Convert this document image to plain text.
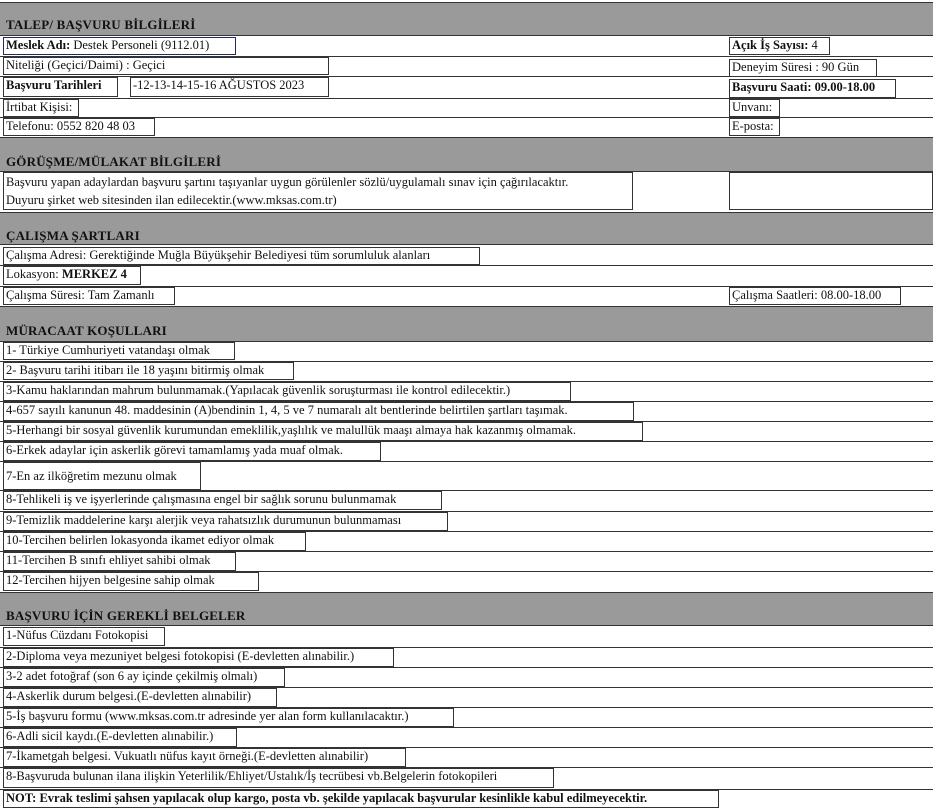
TALEP/ BAŞVURU BİLGİLERİ
Meslek Adı: Destek Personeli (9112.01)	Açık İş Sayısı: 4
Niteliği (Geçici/Daimi) : Geçici	Deneyim Süresi : 90 Gün
Başvuru Tarihleri	-12-13-14-15-16 AĞUSTOS 2023	Başvuru Saati: 09.00-18.00
İrtibat Kişisi:	Unvanı:
Telefonu: 0552 820 48 03	E-posta:
GÖRÜŞME/MÜLAKAT BİLGİLERİ
Başvuru yapan adaylardan başvuru şartını taşıyanlar uygun görülenler sözlü/uygulamalı sınav için çağırılacaktır.
Duyuru şirket web sitesinden ilan edilecektir.(www.mksas.com.tr)
ÇALIŞMA ŞARTLARI
Çalışma Adresi: Gerektiğinde Muğla Büyükşehir Belediyesi tüm sorumluluk alanları
Lokasyon: MERKEZ 4
Çalışma Süresi: Tam Zamanlı	Çalışma Saatleri: 08.00-18.00
MÜRACAAT KOŞULLARI
1- Türkiye Cumhuriyeti vatandaşı olmak
2- Başvuru tarihi itibarı ile 18 yaşını bitirmiş olmak
3-Kamu haklarından mahrum bulunmamak.(Yapılacak güvenlik soruşturması ile kontrol edilecektir.)
4-657 sayılı kanunun 48. maddesinin (A)bendinin 1, 4, 5 ve 7 numaralı alt bentlerinde belirtilen şartları taşımak.
5-Herhangi bir sosyal güvenlik kurumundan emeklilik,yaşlılık ve malullük maaşı almaya hak kazanmış olmamak.
6-Erkek adaylar için askerlik görevi tamamlamış yada muaf olmak.
7-En az ilköğretim mezunu olmak
8-Tehlikeli iş ve işyerlerinde çalışmasına engel bir sağlık sorunu bulunmamak
9-Temizlik maddelerine karşı alerjik veya rahatsızlık durumunun bulunmaması
10-Tercihen belirlen lokasyonda ikamet ediyor olmak
11-Tercihen B sınıfı ehliyet sahibi olmak
12-Tercihen hijyen belgesine sahip olmak
BAŞVURU İÇİN GEREKLİ BELGELER
1-Nüfus Cüzdanı Fotokopisi
2-Diploma veya mezuniyet belgesi fotokopisi (E-devletten alınabilir.)
3-2 adet fotoğraf (son 6 ay içinde çekilmiş olmalı)
4-Askerlik durum belgesi.(E-devletten alınabilir)
5-İş başvuru formu (www.mksas.com.tr adresinde yer alan form kullanılacaktır.)
6-Adli sicil kaydı.(E-devletten alınabilir.)
7-İkametgah belgesi. Vukuatlı nüfus kayıt örneği.(E-devletten alınabilir)
8-Başvuruda bulunan ilana ilişkin Yeterlilik/Ehliyet/Ustalık/İş tecrübesi vb.Belgelerin fotokopileri
NOT: Evrak teslimi şahsen yapılacak olup kargo, posta vb. şekilde yapılacak başvurular kesinlikle kabul edilmeyecektir.
